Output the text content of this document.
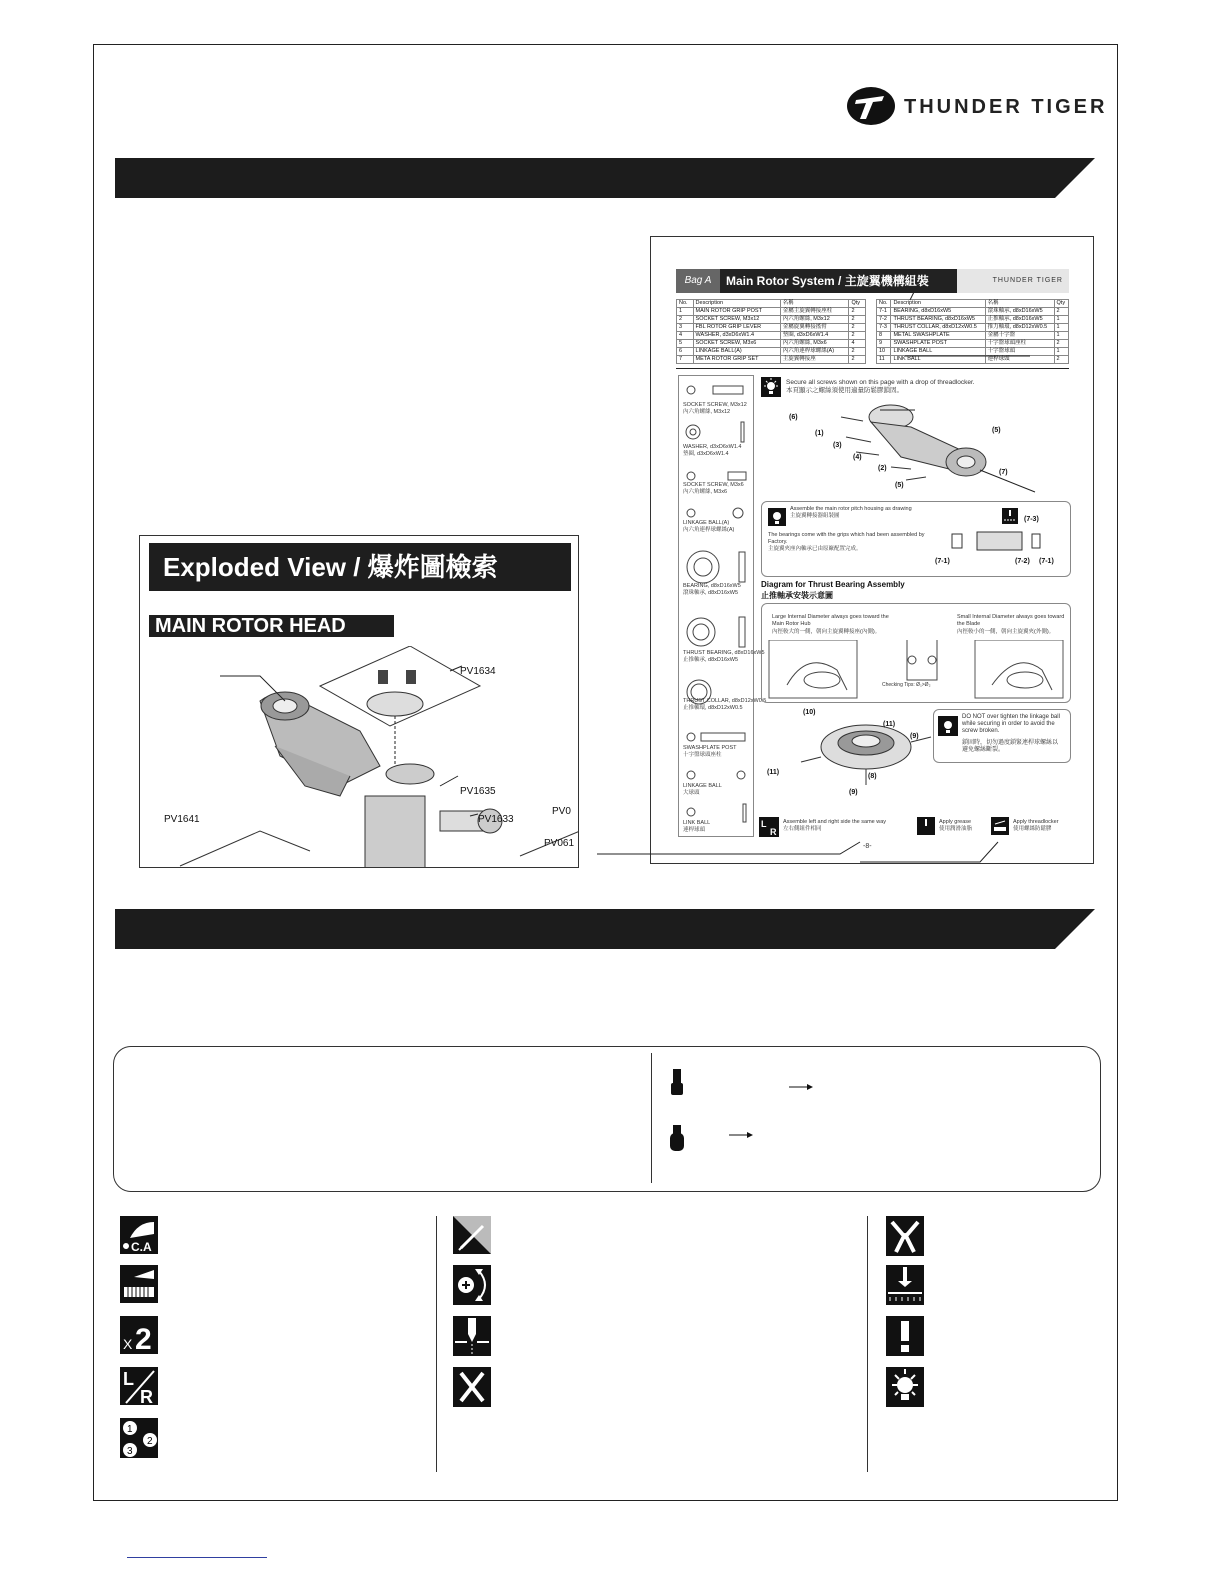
THUNDER TIGER
Bag A	Main Rotor System / 主旋翼機構組裝	THUNDER TIGER
No.	Description	名稱	Qty
1	MAIN ROTOR GRIP POST	金屬主旋翼轉接座柱	2
2	SOCKET SCREW, M3x12	內六角螺絲, M3x12	2
3	FBL ROTOR GRIP LEVER	金屬旋翼轉接搖臂	2
4	WASHER, d3xD6xW1.4	墊圈, d3xD6xW1.4	2
5	SOCKET SCREW, M3x6	內六角螺絲, M3x6	4
6	LINKAGE BALL(A)	內六角連桿球螺絲(A)	2
7	META ROTOR GRIP SET	主旋翼轉接座	2
No.	Description	名稱	Qty
7-1	BEARING, d8xD16xW5	滾珠軸承, d8xD16xW5	2
7-2	THRUST BEARING, d8xD16xW5	止推軸承, d8xD16xW5	1
7-3	THRUST COLLAR, d8xD12xW0.5	推力軸環, d8xD12xW0.5	1
8	METAL SWASHPLATE	金屬十字盤	1
9	SWASHPLATE POST	十字盤球頭座柱	2
10	LINKAGE BALL	十字盤球頭	1
11	LINK BALL	連桿球頭	2
SOCKET SCREW, M3x12
內六角螺絲, M3x12
WASHER, d3xD6xW1.4
墊圈, d3xD6xW1.4
SOCKET SCREW, M3x6
內六角螺絲, M3x6
LINKAGE BALL(A)
內六角連桿球螺絲(A)
BEARING, d8xD16xW5
滾珠軸承, d8xD16xW5
THRUST BEARING, d8xD16xW5
止推軸承, d8xD16xW5
THRUST COLLAR, d8xD12xW0.5
止推軸環, d8xD12xW0.5
SWASHPLATE POST
十字盤球頭座柱
LINKAGE BALL
大球頭
LINK BALL
連桿球頭
Secure all screws shown on this page with a drop of threadlocker.
本頁顯示之螺絲須使用適量防鬆膠鎖固。
(6)
(1)
(3)
(4)
(2)
(5)
(5)
(7)
Assemble the main rotor pitch housing as drawing
主旋翼轉接器組裝圖
The bearings come with the grips which had been assembled by Factory.
主旋翼夾座內軸承已由原廠配置完成。
(7-3)
(7-1)	(7-2) (7-1)
Diagram for Thrust Bearing Assembly
止推軸承安裝示意圖
Large Internal Diameter always goes toward the Main Rotor Hub
內徑較大的一側，朝向主旋翼轉接座(內側)。
Small Internal Diameter always goes toward the Blade
內徑較小的一側，朝向主旋翼夾(外側)。
Checking Tips: Ø₁>Ø₂
(10)
(11)
(9)
(11)
(8)
(9)
DO NOT over tighten the linkage ball while securing in order to avoid the screw broken.
鎖固時，切勿過度鎖緊連桿球螺絲以避免螺絲斷裂。
L
R
Assemble left and right side the same way
左右側組件相同
Apply grease
使用潤滑油脂
Apply threadlocker
使用螺絲防鬆膠
-8-
Exploded View / 爆炸圖檢索
MAIN ROTOR HEAD
PV1634
PV1635
PV1633
PV1641
PV0
PV061
C.A
X 2
L
R
1
2
3
